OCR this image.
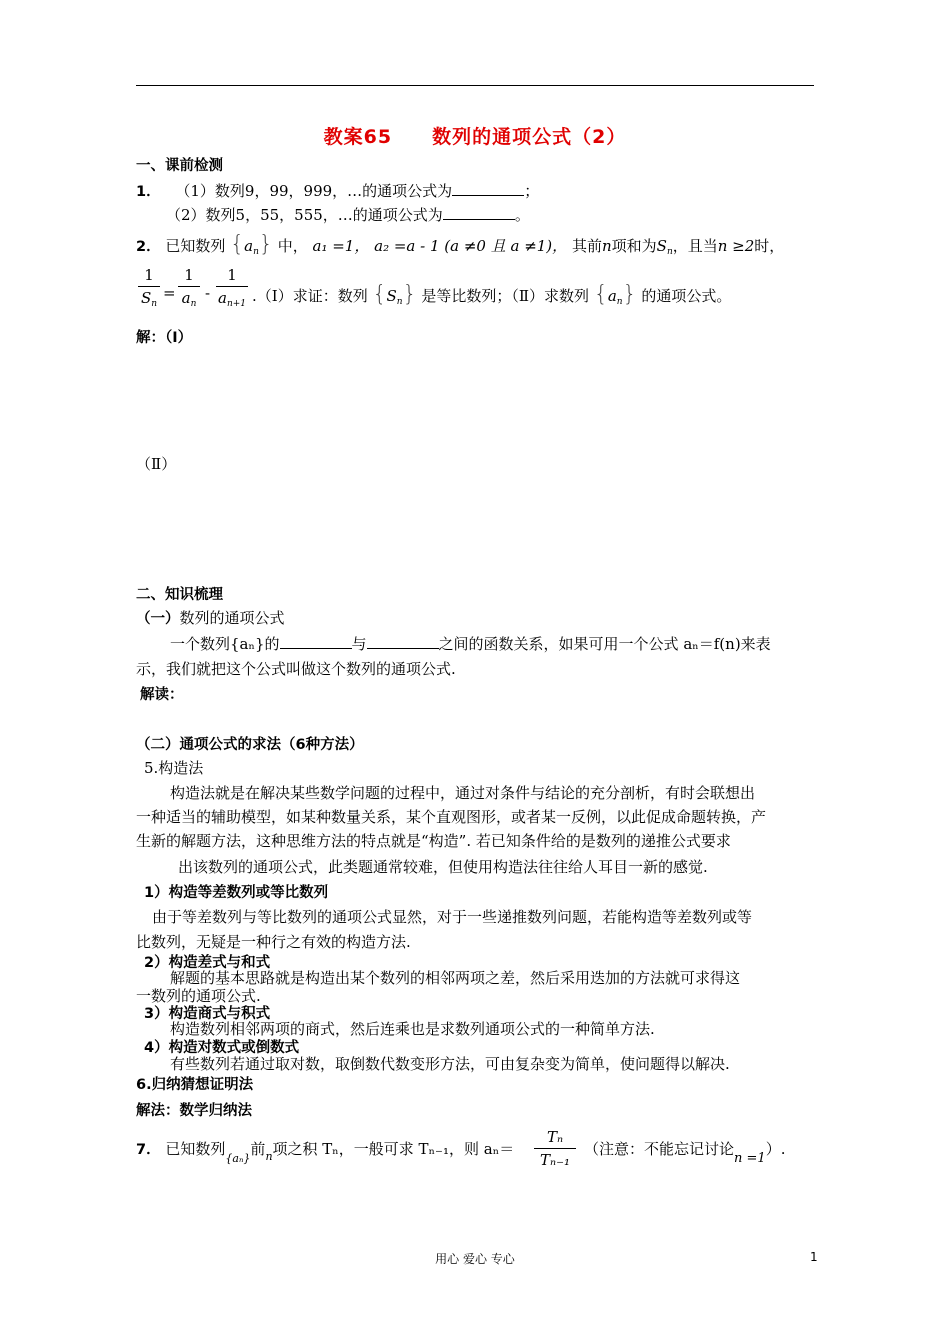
教案65 数列的通项公式（2）
一、课前检测
1． （1）数列9，99，999，…的通项公式为	；
（2）数列5，55，555，…的通项公式为	。
2． 已知数列 $\{a_n\}$ 中， a₁ =1， a₂ =a - 1 (a ≠0 且 a ≠1)， 其前n项和为$S_n$，且当n ≥2时，
1
$S_n$
=
1
$a_n$
-
1
$a_{n+1}$ .（Ⅰ）求证：数列 $\{S_n\}$ 是等比数列；（Ⅱ）求数列 $\{a_n\}$ 的通项公式。
解：（Ⅰ）
（Ⅱ）
二、知识梳理
（一）数列的通项公式
一个数列{aₙ}的	与	之间的函数关系，如果可用一个公式 aₙ＝f(n)来表
示，我们就把这个公式叫做这个数列的通项公式.
解读：
（二）通项公式的求法（6种方法）
5.构造法
构造法就是在解决某些数学问题的过程中，通过对条件与结论的充分剖析，有时会联想出
一种适当的辅助模型，如某种数量关系，某个直观图形，或者某一反例，以此促成命题转换，产
生新的解题方法，这种思维方法的特点就是“构造”. 若已知条件给的是数列的递推公式要求
出该数列的通项公式，此类题通常较难，但使用构造法往往给人耳目一新的感觉.
1）构造等差数列或等比数列
由于等差数列与等比数列的通项公式显然，对于一些递推数列问题，若能构造等差数列或等
比数列，无疑是一种行之有效的构造方法.
2）构造差式与和式
解题的基本思路就是构造出某个数列的相邻两项之差，然后采用迭加的方法就可求得这
一数列的通项公式.
3）构造商式与积式
构造数列相邻两项的商式，然后连乘也是求数列通项公式的一种简单方法.
4）构造对数式或倒数式
有些数列若通过取对数，取倒数代数变形方法，可由复杂变为简单，使问题得以解决.
6.归纳猜想证明法
解法：数学归纳法
7． 已知数列$_{\{a_n\}}$前$_n$项之积 Tₙ，一般可求 Tₙ₋₁，则 aₙ＝
Tₙ
Tₙ₋₁
（注意：不能忘记讨论n =1）.
用心 爱心 专心	1
